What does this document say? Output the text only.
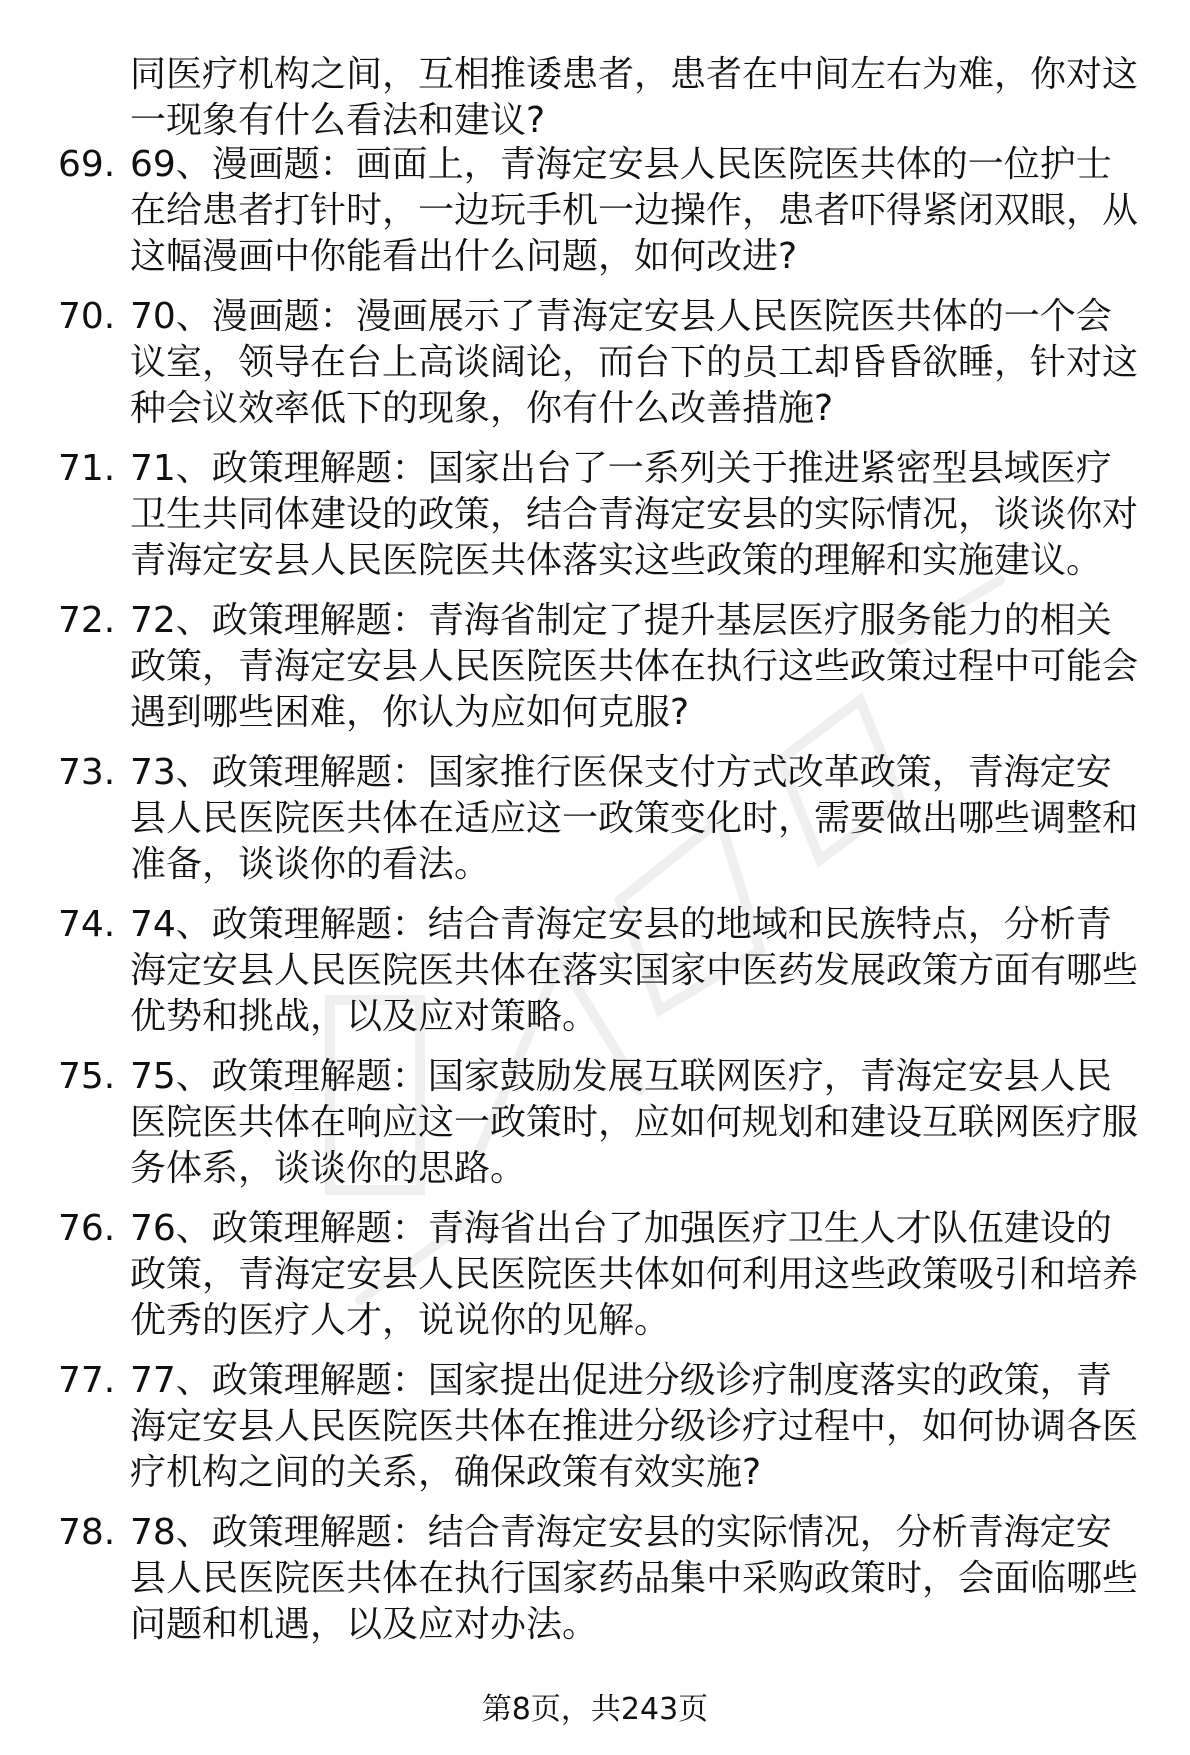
同医疗机构之间，互相推诿患者，患者在中间左右为难，你对这一现象有什么看法和建议?
69. 69、漫画题：画面上，青海定安县人民医院医共体的一位护士在给患者打针时，一边玩手机一边操作，患者吓得紧闭双眼，从这幅漫画中你能看出什么问题，如何改进?
70. 70、漫画题：漫画展示了青海定安县人民医院医共体的一个会议室，领导在台上高谈阔论，而台下的员工却昏昏欲睡，针对这种会议效率低下的现象，你有什么改善措施?
71. 71、政策理解题：国家出台了一系列关于推进紧密型县域医疗卫生共同体建设的政策，结合青海定安县的实际情况，谈谈你对青海定安县人民医院医共体落实这些政策的理解和实施建议。
72. 72、政策理解题：青海省制定了提升基层医疗服务能力的相关政策，青海定安县人民医院医共体在执行这些政策过程中可能会遇到哪些困难，你认为应如何克服?
73. 73、政策理解题：国家推行医保支付方式改革政策，青海定安县人民医院医共体在适应这一政策变化时，需要做出哪些调整和准备，谈谈你的看法。
74. 74、政策理解题：结合青海定安县的地域和民族特点，分析青海定安县人民医院医共体在落实国家中医药发展政策方面有哪些优势和挑战，以及应对策略。
75. 75、政策理解题：国家鼓励发展互联网医疗，青海定安县人民医院医共体在响应这一政策时，应如何规划和建设互联网医疗服务体系，谈谈你的思路。
76. 76、政策理解题：青海省出台了加强医疗卫生人才队伍建设的政策，青海定安县人民医院医共体如何利用这些政策吸引和培养优秀的医疗人才，说说你的见解。
77. 77、政策理解题：国家提出促进分级诊疗制度落实的政策，青海定安县人民医院医共体在推进分级诊疗过程中，如何协调各医疗机构之间的关系，确保政策有效实施?
78. 78、政策理解题：结合青海定安县的实际情况，分析青海定安县人民医院医共体在执行国家药品集中采购政策时，会面临哪些问题和机遇，以及应对办法。
第8页，共243页
